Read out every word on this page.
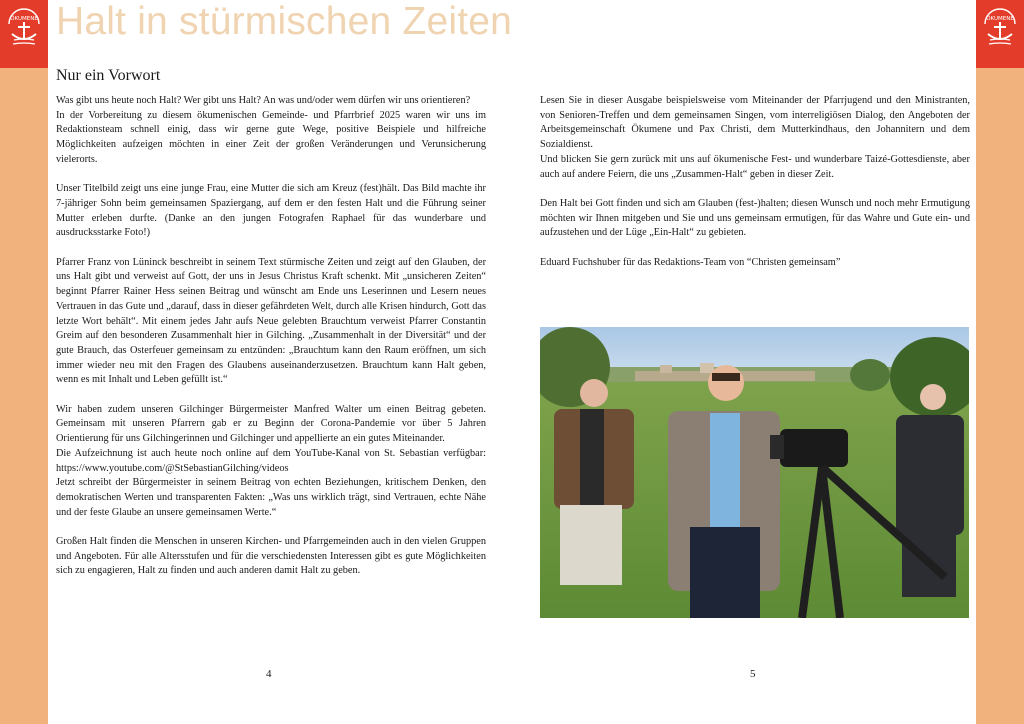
ÖKUMENE	ÖKUMENE
Halt in stürmischen Zeiten
Nur ein Vorwort

Was gibt uns heute noch Halt? Wer gibt uns Halt? An was und/oder wem dürfen wir uns orientieren?
In der Vorbereitung zu diesem ökumenischen Gemeinde- und Pfarrbrief 2025 waren wir uns im Redaktionsteam schnell einig, dass wir gerne gute Wege, positive Beispiele und hilfreiche Möglichkeiten aufzeigen möchten in einer Zeit der großen Veränderungen und Verunsicherung vielerorts.

Unser Titelbild zeigt uns eine junge Frau, eine Mutter die sich am Kreuz (fest)hält. Das Bild machte ihr 7-jähriger Sohn beim gemeinsamen Spaziergang, auf dem er den festen Halt und die Führung seiner Mutter erleben durfte. (Danke an den jungen Fotografen Raphael für das wunderbare und ausdrucksstarke Foto!)

Pfarrer Franz von Lüninck beschreibt in seinem Text stürmische Zeiten und zeigt auf den Glauben, der uns Halt gibt und verweist auf Gott, der uns in Jesus Christus Kraft schenkt. Mit „unsicheren Zeiten“ beginnt Pfarrer Rainer Hess seinen Beitrag und wünscht am Ende uns Leserinnen und Lesern neues Vertrauen in das Gute und „darauf, dass in dieser gefährdeten Welt, durch alle Krisen hindurch, Gott das letzte Wort behält“. Mit einem jedes Jahr aufs Neue gelebten Brauchtum verweist Pfarrer Constantin Greim auf den besonderen Zusammenhalt hier in Gilching. „Zusammenhalt in der Diversität“ und der gute Brauch, das Osterfeuer gemeinsam zu entzünden: „Brauchtum kann den Raum eröffnen, um sich immer wieder neu mit den Fragen des Glaubens auseinanderzusetzen. Brauchtum kann Halt geben, wenn es mit Inhalt und Leben gefüllt ist.“

Wir haben zudem unseren Gilchinger Bürgermeister Manfred Walter um einen Beitrag gebeten. Gemeinsam mit unseren Pfarrern gab er zu Beginn der Corona-Pandemie vor über 5 Jahren Orientierung für uns Gilchingerinnen und Gilchinger und appellierte an ein gutes Miteinander.
Die Aufzeichnung ist auch heute noch online auf dem YouTube-Kanal von St. Sebastian verfügbar: https://www.youtube.com/@StSebastianGilching/videos
Jetzt schreibt der Bürgermeister in seinem Beitrag von echten Beziehungen, kritischem Denken, den demokratischen Werten und transparenten Fakten: „Was uns wirklich trägt, sind Vertrauen, echte Nähe und der feste Glaube an unsere gemeinsamen Werte.“

Großen Halt finden die Menschen in unseren Kirchen- und Pfarrgemeinden auch in den vielen Gruppen und Angeboten. Für alle Altersstufen und für die verschiedensten Interessen gibt es gute Möglichkeiten sich zu engagieren, Halt zu finden und auch anderen damit Halt zu geben.

Lesen Sie in dieser Ausgabe beispielsweise vom Miteinander der Pfarrjugend und den Ministranten, von Senioren-Treffen und dem gemeinsamen Singen, vom interreligiösen Dialog, den Angeboten der Arbeitsgemeinschaft Ökumene und Pax Christi, dem Mutterkindhaus, den Johannitern und dem Sozialdienst.
Und blicken Sie gern zurück mit uns auf ökumenische Fest- und wunderbare Taizé-Gottesdienste, aber auch auf andere Feiern, die uns „Zusammen-Halt“ geben in dieser Zeit.

Den Halt bei Gott finden und sich am Glauben (fest-)halten; diesen Wunsch und noch mehr Ermutigung möchten wir Ihnen mitgeben und Sie und uns gemeinsam ermutigen, für das Wahre und Gute ein- und aufzustehen und der Lüge „Ein-Halt“ zu gebieten.

Eduard Fuchshuber für das Redaktions-Team von “Christen gemeinsam”

4	5
